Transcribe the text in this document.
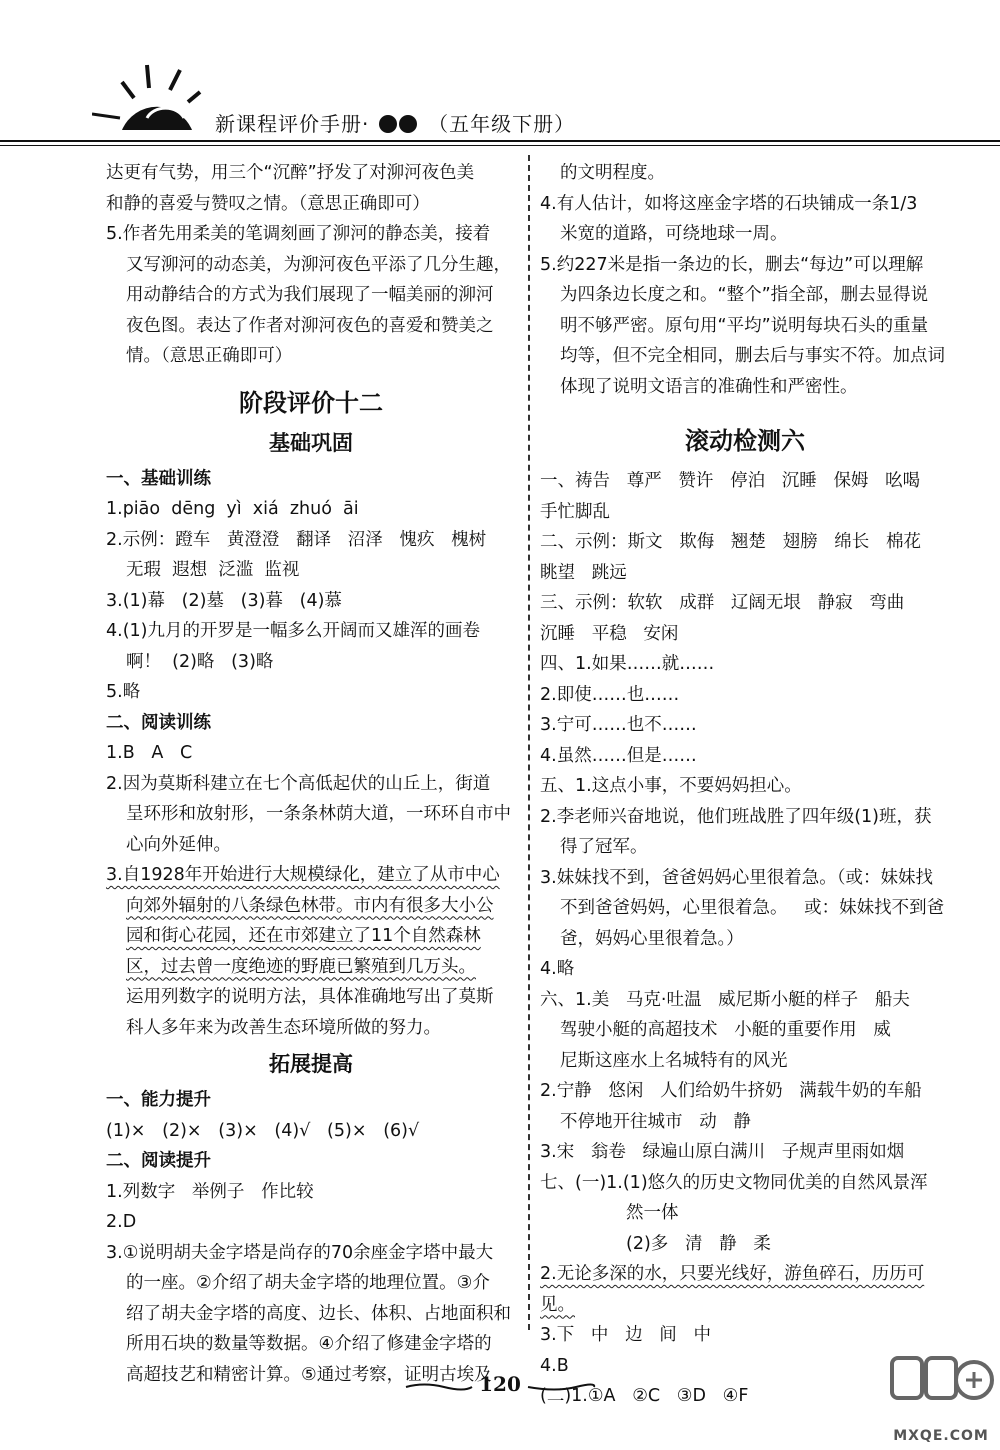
新课程评价手册·	（五年级下册）

达更有气势，用三个“沉醉”抒发了对泖河夜色美

和静的喜爱与赞叹之情。（意思正确即可）

5.作者先用柔美的笔调刻画了泖河的静态美，接着

又写泖河的动态美，为泖河夜色平添了几分生趣，

用动静结合的方式为我们展现了一幅美丽的泖河

夜色图。表达了作者对泖河夜色的喜爱和赞美之

情。（意思正确即可）

阶段评价十二
基础巩固

一、基础训练

1.piāo  dēng  yì  xiá  zhuó  āi

2.示例：蹬车   黄澄澄   翻译   沼泽   愧疚   槐树

无瑕  遐想  泛滥  监视

3.(1)幕   (2)墓   (3)暮   (4)慕

4.(1)九月的开罗是一幅多么开阔而又雄浑的画卷

啊！  (2)略   (3)略

5.略

二、阅读训练

1.B   A   C

2.因为莫斯科建立在七个高低起伏的山丘上，街道

呈环形和放射形，一条条林荫大道，一环环自市中

心向外延伸。

3.自1928年开始进行大规模绿化，建立了从市中心

向郊外辐射的八条绿色林带。市内有很多大小公

园和街心花园，还在市郊建立了11个自然森林

区，过去曾一度绝迹的野鹿已繁殖到几万头。

运用列数字的说明方法，具体准确地写出了莫斯

科人多年来为改善生态环境所做的努力。

拓展提高

一、能力提升

(1)×   (2)×   (3)×   (4)√   (5)×   (6)√

二、阅读提升

1.列数字   举例子   作比较

2.D

3.①说明胡夫金字塔是尚存的70余座金字塔中最大

的一座。②介绍了胡夫金字塔的地理位置。③介

绍了胡夫金字塔的高度、边长、体积、占地面积和

所用石块的数量等数据。④介绍了修建金字塔的

高超技艺和精密计算。⑤通过考察，证明古埃及

的文明程度。

4.有人估计，如将这座金字塔的石块铺成一条1/3

米宽的道路，可绕地球一周。

5.约227米是指一条边的长，删去“每边”可以理解

为四条边长度之和。“整个”指全部，删去显得说

明不够严密。原句用“平均”说明每块石头的重量

均等，但不完全相同，删去后与事实不符。加点词

体现了说明文语言的准确性和严密性。

滚动检测六

一、祷告   尊严   赞许   停泊   沉睡   保姆   吆喝

手忙脚乱

二、示例：斯文   欺侮   翘楚   翅膀   绵长   棉花

眺望   跳远

三、示例：软软   成群   辽阔无垠   静寂   弯曲

沉睡   平稳   安闲

四、1.如果……就……

2.即使……也……

3.宁可……也不……

4.虽然……但是……

五、1.这点小事，不要妈妈担心。

2.李老师兴奋地说，他们班战胜了四年级(1)班，获

得了冠军。

3.妹妹找不到，爸爸妈妈心里很着急。（或：妹妹找

不到爸爸妈妈，心里很着急。   或：妹妹找不到爸

爸，妈妈心里很着急。）

4.略

六、1.美   马克·吐温   威尼斯小艇的样子   船夫

驾驶小艇的高超技术   小艇的重要作用   威

尼斯这座水上名城特有的风光

2.宁静   悠闲   人们给奶牛挤奶   满载牛奶的车船

不停地开往城市   动   静

3.宋   翁卷   绿遍山原白满川   子规声里雨如烟

七、(一)1.(1)悠久的历史文物同优美的自然风景浑

然一体

(2)多   清   静   柔

2.无论多深的水，只要光线好，游鱼碎石，历历可见。

3.下   中   边   间   中

4.B

(二)1.①A   ②C   ③D   ④F

120
MXQE.COM
